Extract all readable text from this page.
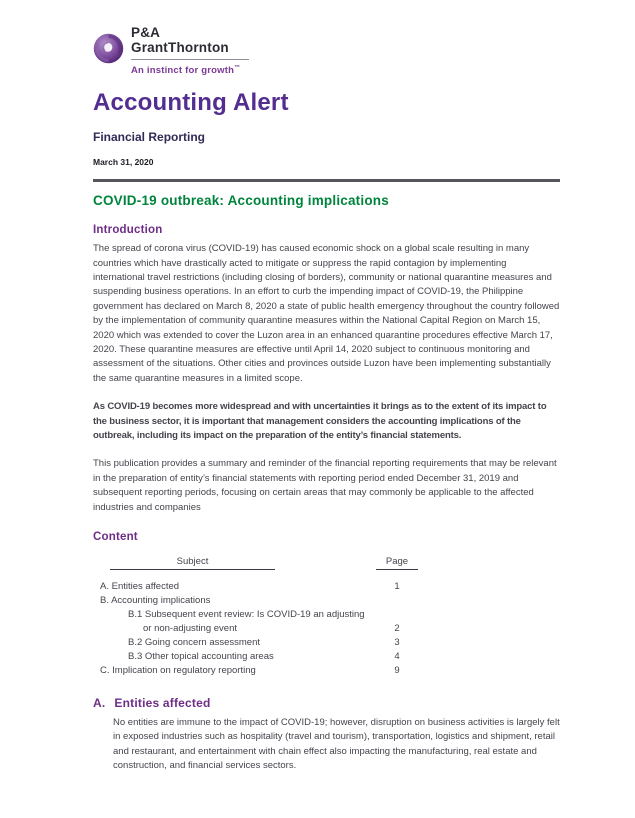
P&A
GrantThornton
An instinct for growth™
Accounting Alert
Financial Reporting
March 31, 2020
COVID-19 outbreak: Accounting implications
Introduction

The spread of corona virus (COVID-19) has caused economic shock on a global scale resulting in many countries which have drastically acted to mitigate or suppress the rapid contagion by implementing international travel restrictions (including closing of borders), community or national quarantine measures and suspending business operations. In an effort to curb the impending impact of COVID-19, the Philippine government has declared on March 8, 2020 a state of public health emergency throughout the country followed by the implementation of community quarantine measures within the National Capital Region on March 15, 2020 which was extended to cover the Luzon area in an enhanced quarantine procedures effective March 17, 2020. These quarantine measures are effective until April 14, 2020 subject to continuous monitoring and assessment of the situations. Other cities and provinces outside Luzon have been implementing substantially the same quarantine measures in a limited scope.

As COVID-19 becomes more widespread and with uncertainties it brings as to the extent of its impact to the business sector, it is important that management considers the accounting implications of the outbreak, including its impact on the preparation of the entity’s financial statements.

This publication provides a summary and reminder of the financial reporting requirements that may be relevant in the preparation of entity’s financial statements with reporting period ended December 31, 2019 and subsequent reporting periods, focusing on certain areas that may commonly be applicable to the affected industries and companies

Content
Subject	Page
A. Entities affected	1
B. Accounting implications
B.1 Subsequent event review: Is COVID-19 an adjusting
or non-adjusting event	2
B.2 Going concern assessment	3
B.3 Other topical accounting areas	4
C. Implication on regulatory reporting	9
A. Entities affected

No entities are immune to the impact of COVID-19; however, disruption on business activities is largely felt in exposed industries such as hospitality (travel and tourism), transportation, logistics and shipment, retail and restaurant, and entertainment with chain effect also impacting the manufacturing, real estate and construction, and financial services sectors.
